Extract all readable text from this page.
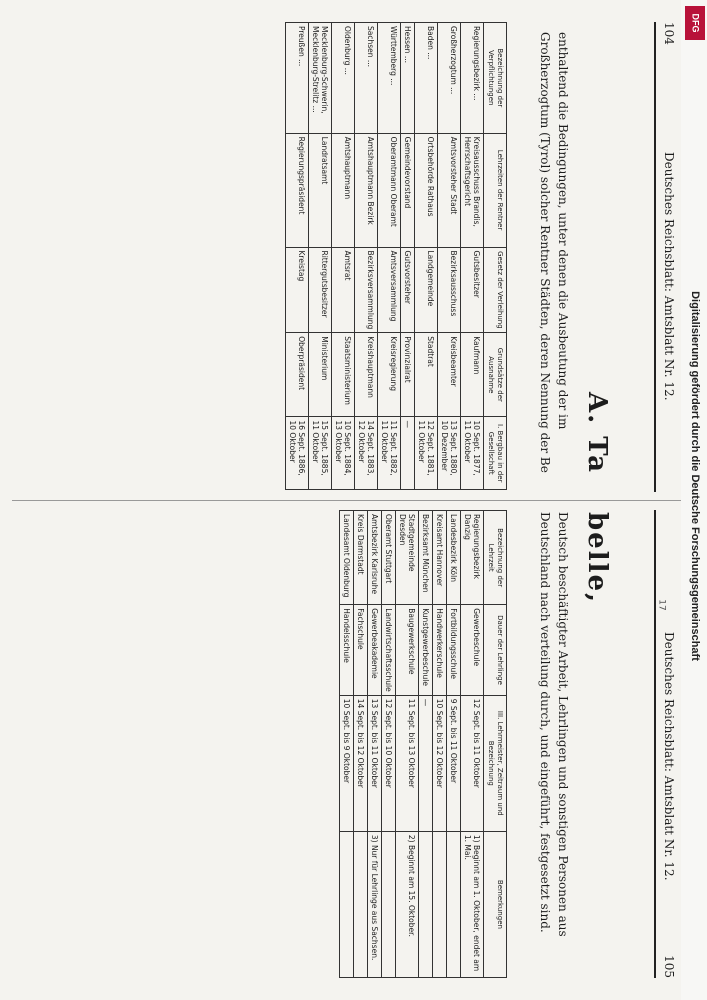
104
Deutsches Reichsblatt: Amtsblatt Nr. 12.
A. Ta
enthaltend die Bedingungen, unter denen die Ausbeutung der im Großherzogtum (Tyrol) solcher Rentner Städten, deren Nennung der Be
Bezeichnung der Verpflichtungen	Lehrzeiten der Rentner	Gesetz der Verleihung	Grundsätze der Ausnahme	I. Bergbau in der Gesellschaft
Regierungsbezirk ...	Kreisausschuss Brandis, Herrschaftsgericht	Gutsbesitzer	Kaufmann	10 Sept. 1877, 11 Oktober
Großherzogtum ...	Amtsvorsteher Stadt	Bezirksausschuss	Kreisbeamter	13 Sept. 1880, 10 Dezember
Baden ...	Ortsbehörde Rathaus	Landgemeinde	Stadtrat	12 Sept. 1881, 11 Oktober
Hessen ...	Gemeindevorstand	Gutsvorsteher	Provinzialrat	—
Württemberg ...	Oberamtmann Oberamt	Amtsversammlung	Kreisregierung	11 Sept. 1882, 11 Oktober
Sachsen ...	Amtshauptmann Bezirk	Bezirksversammlung	Kreishauptmann	14 Sept. 1883, 12 Oktober
Oldenburg ...	Amtshauptmann	Amtsrat	Staatsministerium	10 Sept. 1884, 13 Oktober
Mecklenburg-Schwerin, Mecklenburg-Strelitz ...	Landratsamt	Rittergutsbesitzer	Ministerium	15 Sept. 1885, 11 Oktober
Preußen ...	Regierungspräsident	Kreistag	Oberpräsident	16 Sept. 1886, 10 Oktober
105
Deutsches Reichsblatt: Amtsblatt Nr. 12.
belle,
Deutsch beschäftigter Arbeit, Lehrlingen und sonstigen Personen aus Deutschland nach verteilung durch, und eingeführt, festgesetzt sind.
Bezeichnung der Lehrzeit	Dauer der Lehrlinge	III. Lehrmeister, Zeitraum und Bezeichnung	Bemerkungen
Regierungsbezirk Danzig	Gewerbeschule	12 Sept. bis 11 Oktober	1) Beginnt am 1. Oktober, endet am 1. Mai.
Landesbezirk Köln	Fortbildungsschule	9 Sept. bis 11 Oktober	
Kreisamt Hannover	Handwerkerschule	10 Sept. bis 12 Oktober	
Bezirksamt München	Kunstgewerbeschule	—	
Stadtgemeinde Dresden	Baugewerkschule	11 Sept. bis 13 Oktober	2) Beginnt am 15. Oktober.
Oberamt Stuttgart	Landwirtschaftsschule	12 Sept. bis 10 Oktober	
Amtsbezirk Karlsruhe	Gewerbeakademie	13 Sept. bis 11 Oktober	3) Nur für Lehrlinge aus Sachsen.
Kreis Darmstadt	Fachschule	14 Sept. bis 12 Oktober	
Landesamt Oldenburg	Handelsschule	10 Sept. bis 9 Oktober	
DFG
Digitalisierung gefördert durch die Deutsche Forschungsgemeinschaft
17
